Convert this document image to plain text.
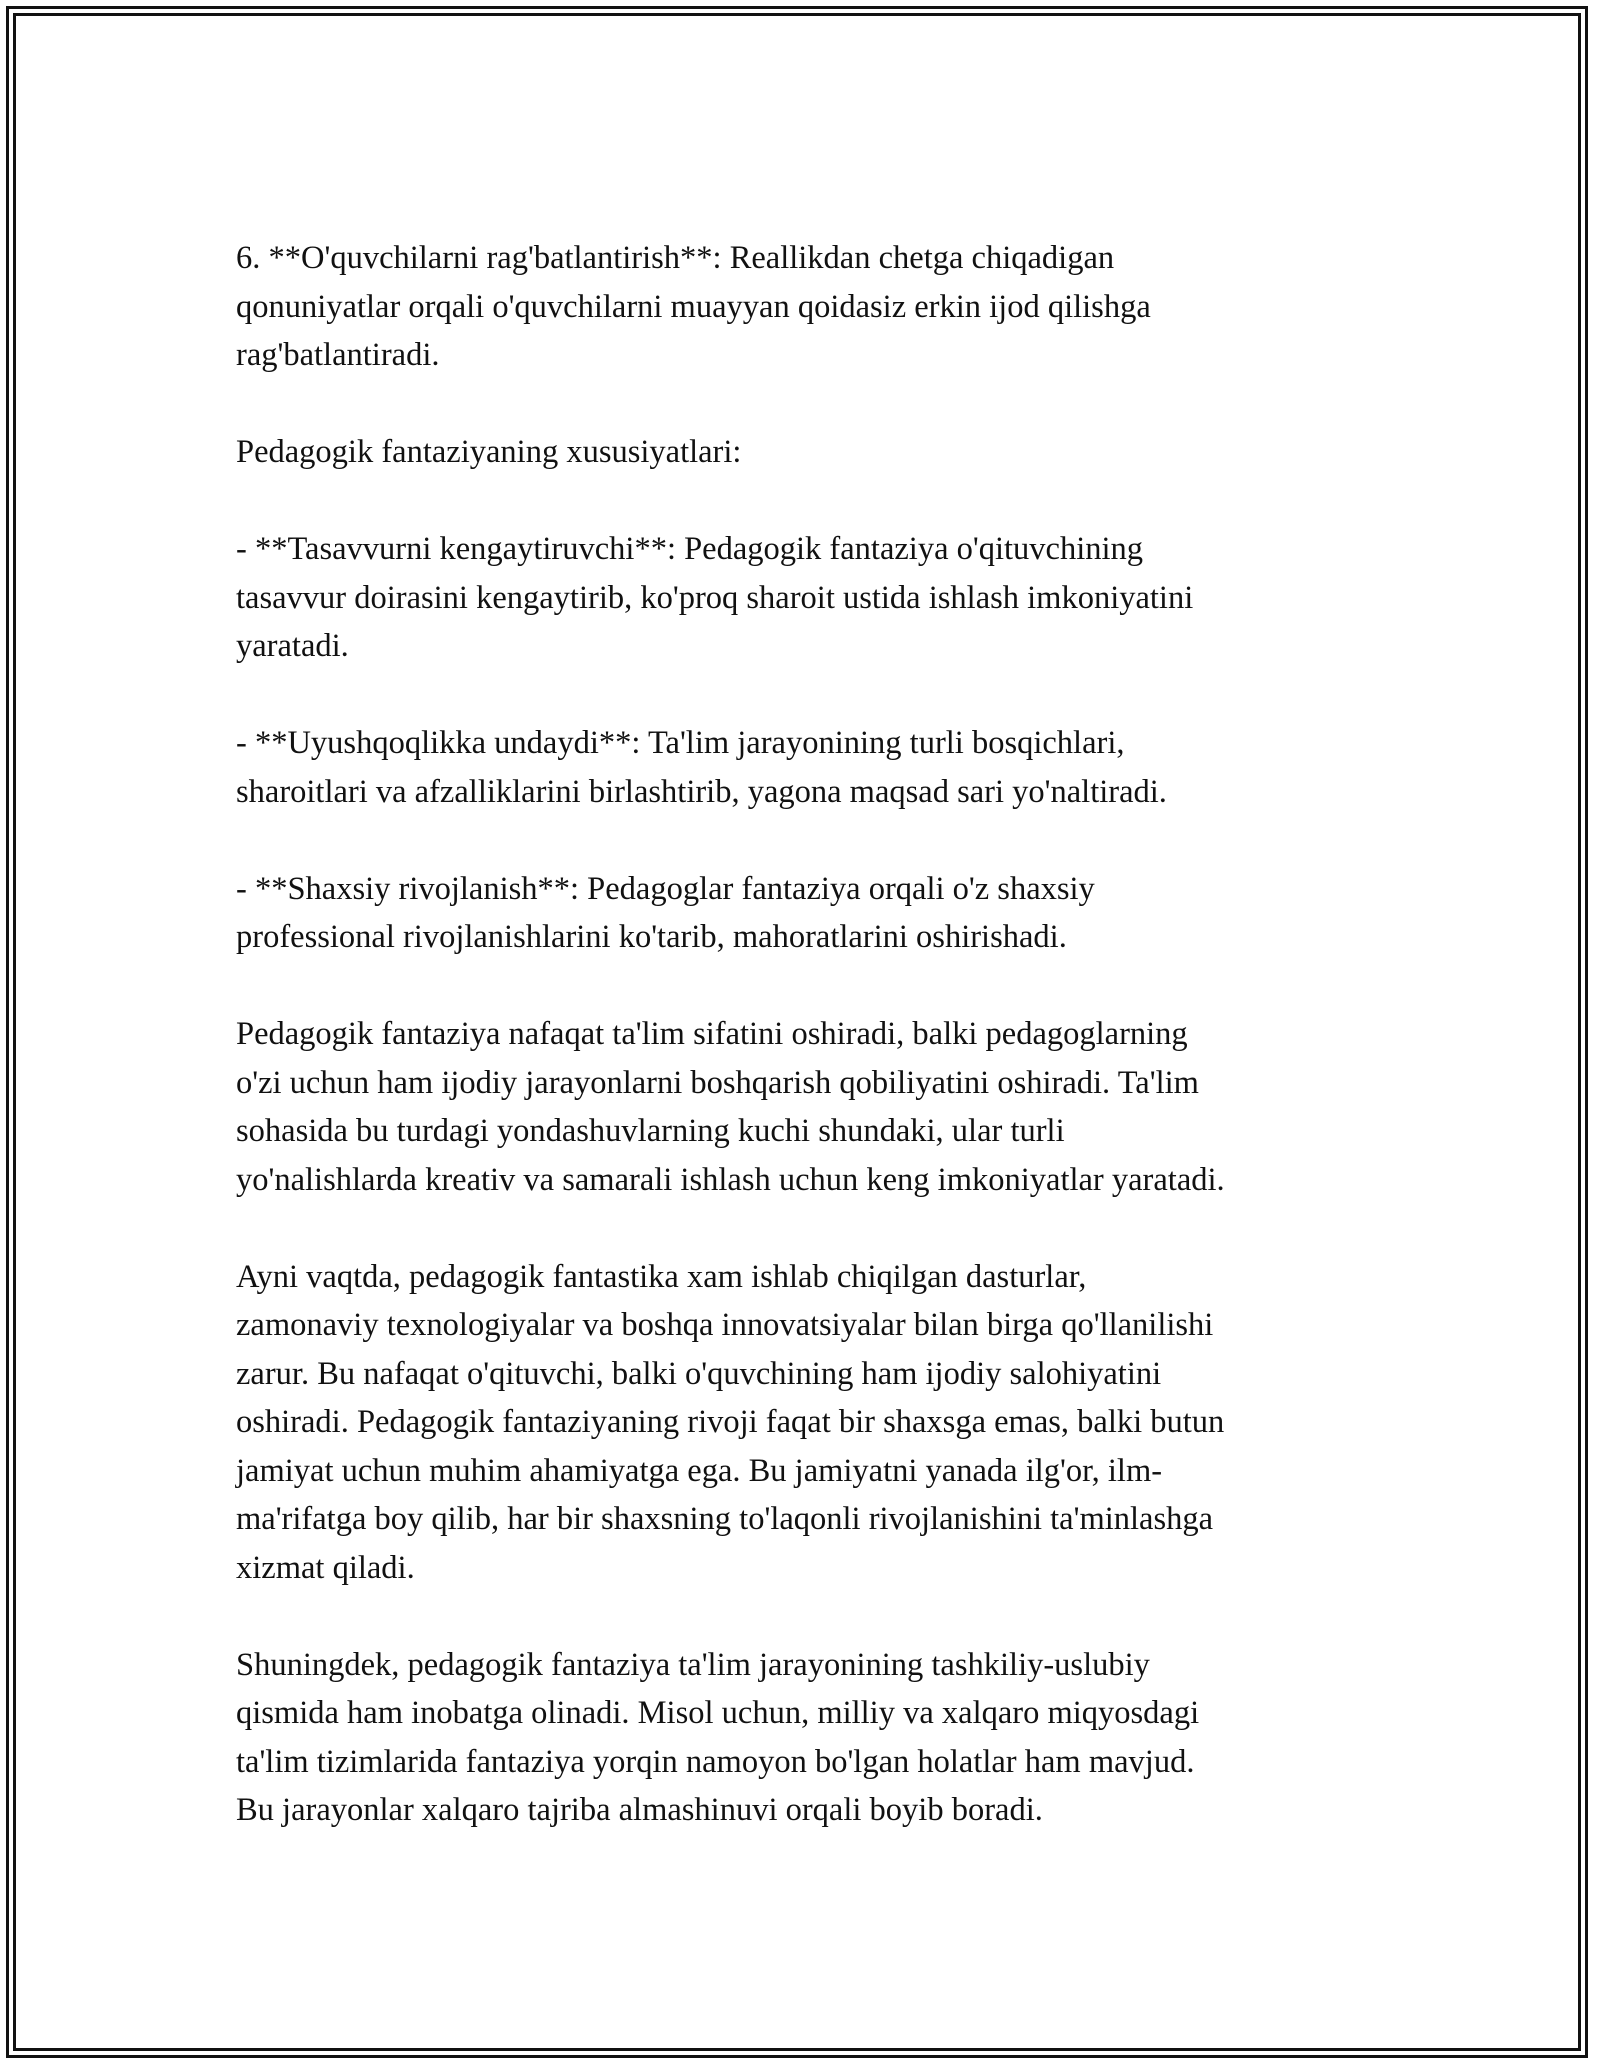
6. **O'quvchilarni rag'batlantirish**: Reallikdan chetga chiqadigan
qonuniyatlar orqali o'quvchilarni muayyan qoidasiz erkin ijod qilishga
rag'batlantiradi.

Pedagogik fantaziyaning xususiyatlari:

- **Tasavvurni kengaytiruvchi**: Pedagogik fantaziya o'qituvchining
tasavvur doirasini kengaytirib, ko'proq sharoit ustida ishlash imkoniyatini
yaratadi.

- **Uyushqoqlikka undaydi**: Ta'lim jarayonining turli bosqichlari,
sharoitlari va afzalliklarini birlashtirib, yagona maqsad sari yo'naltiradi.

- **Shaxsiy rivojlanish**: Pedagoglar fantaziya orqali o'z shaxsiy
professional rivojlanishlarini ko'tarib, mahoratlarini oshirishadi.

Pedagogik fantaziya nafaqat ta'lim sifatini oshiradi, balki pedagoglarning
o'zi uchun ham ijodiy jarayonlarni boshqarish qobiliyatini oshiradi. Ta'lim
sohasida bu turdagi yondashuvlarning kuchi shundaki, ular turli
yo'nalishlarda kreativ va samarali ishlash uchun keng imkoniyatlar yaratadi.

Ayni vaqtda, pedagogik fantastika xam ishlab chiqilgan dasturlar,
zamonaviy texnologiyalar va boshqa innovatsiyalar bilan birga qo'llanilishi
zarur. Bu nafaqat o'qituvchi, balki o'quvchining ham ijodiy salohiyatini
oshiradi. Pedagogik fantaziyaning rivoji faqat bir shaxsga emas, balki butun
jamiyat uchun muhim ahamiyatga ega. Bu jamiyatni yanada ilg'or, ilm-
ma'rifatga boy qilib, har bir shaxsning to'laqonli rivojlanishini ta'minlashga
xizmat qiladi.

Shuningdek, pedagogik fantaziya ta'lim jarayonining tashkiliy-uslubiy
qismida ham inobatga olinadi. Misol uchun, milliy va xalqaro miqyosdagi
ta'lim tizimlarida fantaziya yorqin namoyon bo'lgan holatlar ham mavjud.
Bu jarayonlar xalqaro tajriba almashinuvi orqali boyib boradi.
